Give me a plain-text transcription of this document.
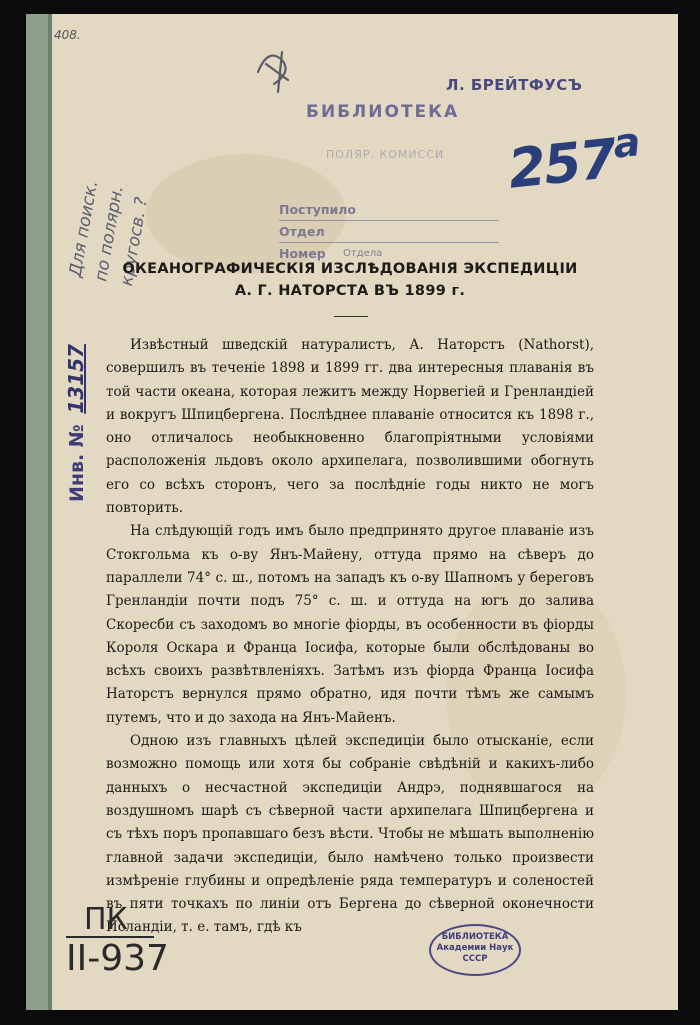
408.
Для поиск.
по полярн.
кругосв. ?
Л. БРЕЙТФУСЪ
БИБЛИОТЕКА
ПОЛЯР. КОМИССИ $257^а$
Поступило
Отдел
Номер Отдела
Инв. № 13157
ОКЕАНОГРАФИЧЕСКІЯ ИЗСЛѢДОВАНІЯ ЭКСПЕДИЦІИ
А. Г. НАТОРСТА ВЪ 1899 г.

Извѣстный шведскій натуралистъ, А. Наторстъ (Nathorst), совершилъ въ теченіе 1898 и 1899 гг. два интересныя плаванія въ той части океана, которая лежитъ между Норвегіей и Гренландіей и вокругъ Шпицбергена. Послѣднее плаваніе относится къ 1898 г., оно отличалось необыкновенно благопріятными условіями расположенія льдовъ около архипелага, позволившими обогнуть его со всѣхъ сторонъ, чего за послѣдніе годы никто не могъ повторить.

На слѣдующій годъ имъ было предпринято другое плаваніе изъ Стокгольма къ о-ву Янъ-Майену, оттуда прямо на сѣверъ до параллели 74° с. ш., потомъ на западъ къ о-ву Шапномъ у береговъ Гренландіи почти подъ 75° с. ш. и оттуда на югъ до залива Скоресби съ заходомъ во многіе фіорды, въ особенности въ фіорды Короля Оскара и Франца Іосифа, которые были обслѣдованы во всѣхъ своихъ развѣтвленіяхъ. Затѣмъ изъ фіорда Франца Іосифа Наторстъ вернулся прямо обратно, идя почти тѣмъ же самымъ путемъ, что и до захода на Янъ-Майенъ.

Одною изъ главныхъ цѣлей экспедиціи было отысканіе, если возможно помощь или хотя бы собраніе свѣдѣній и какихъ-либо данныхъ о несчастной экспедиціи Андрэ, поднявшагося на воздушномъ шарѣ съ сѣверной части архипелага Шпицбергена и съ тѣхъ поръ пропавшаго безъ вѣсти. Чтобы не мѣшать выполненію главной задачи экспедиціи, было намѣчено только произвести измѣреніе глубины и опредѣленіе ряда температуръ и соленостей въ пяти точкахъ по линіи отъ Бергена до сѣверной оконечности Исландіи, т. е. тамъ, гдѣ къ

ПК
II-937
БИБЛИОТЕКА
Академии Наук
СССР
